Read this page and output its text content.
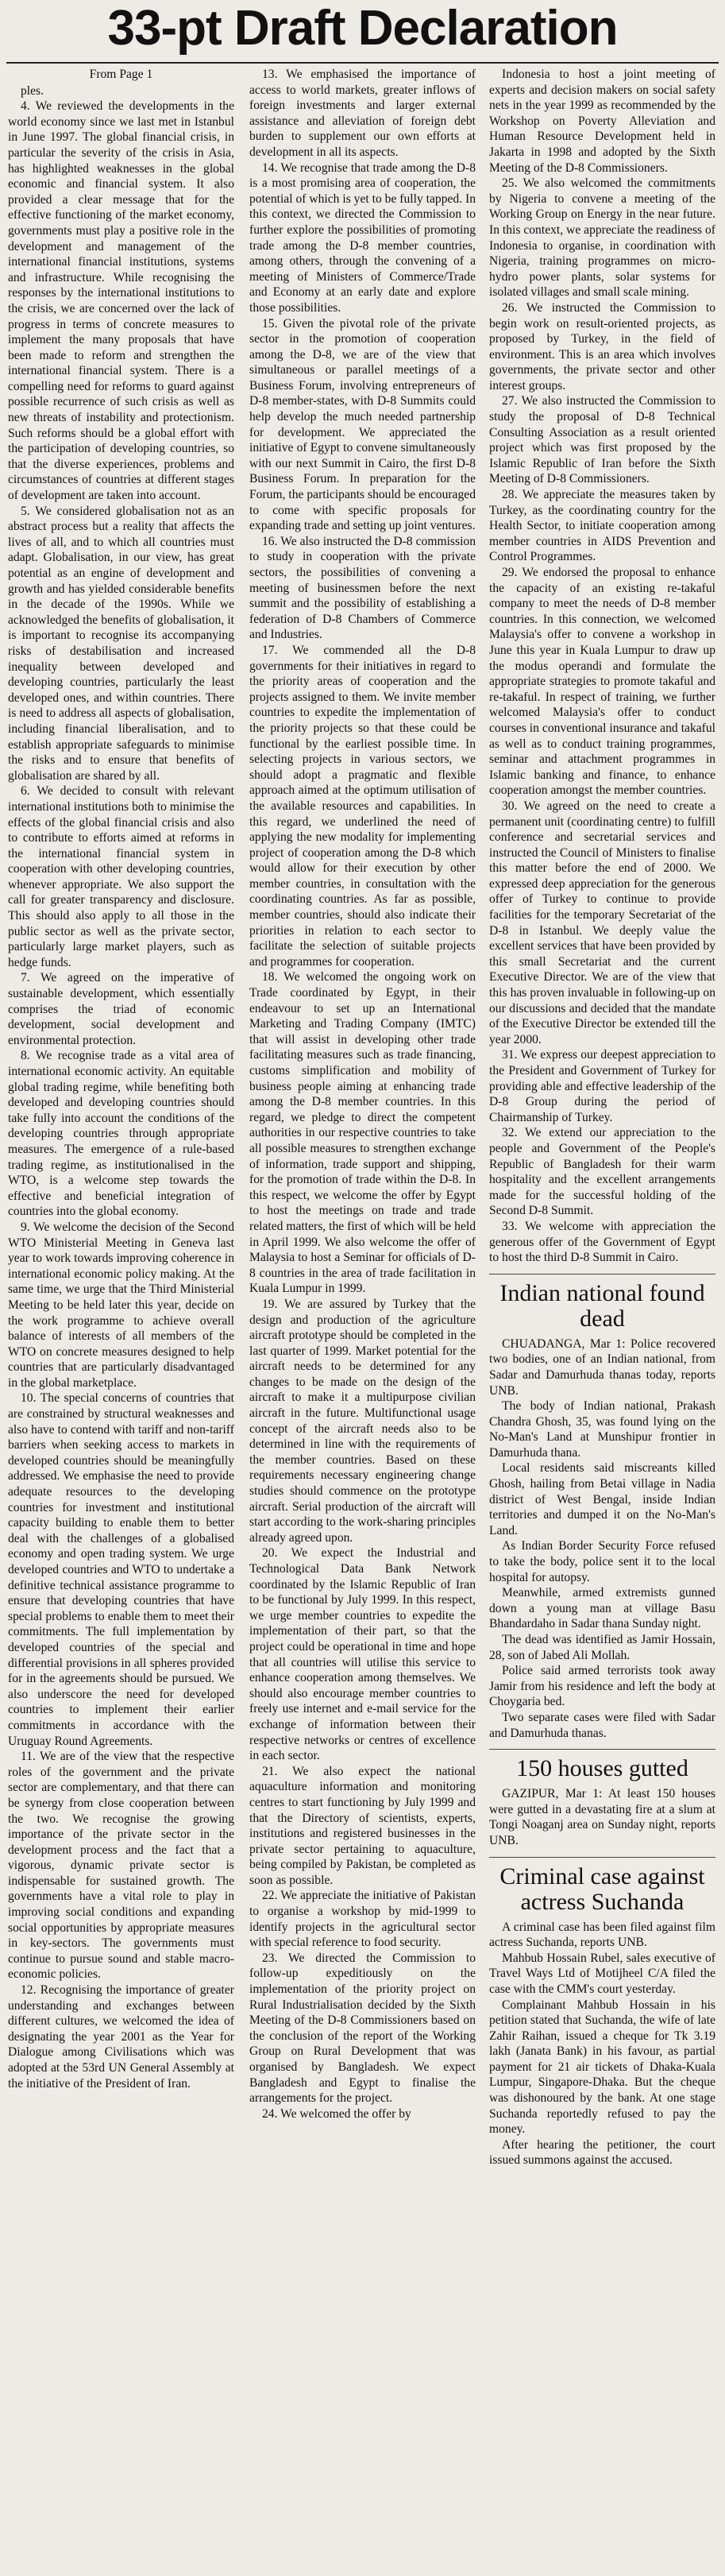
33-pt Draft Declaration

From Page 1

ples.

4. We reviewed the developments in the world economy since we last met in Istanbul in June 1997. The global financial crisis, in particular the severity of the crisis in Asia, has highlighted weaknesses in the global economic and financial system. It also provided a clear message that for the effective functioning of the market economy, governments must play a positive role in the development and management of the international financial institutions, systems and infrastructure. While recognising the responses by the international institutions to the crisis, we are concerned over the lack of progress in terms of concrete measures to implement the many proposals that have been made to reform and strengthen the international financial system. There is a compelling need for reforms to guard against possible recurrence of such crisis as well as new threats of instability and protectionism. Such reforms should be a global effort with the participation of developing countries, so that the diverse experiences, problems and circumstances of countries at different stages of development are taken into account.

5. We considered globalisation not as an abstract process but a reality that affects the lives of all, and to which all countries must adapt. Globalisation, in our view, has great potential as an engine of development and growth and has yielded considerable benefits in the decade of the 1990s. While we acknowledged the benefits of globalisation, it is important to recognise its accompanying risks of destabilisation and increased inequality between developed and developing countries, particularly the least developed ones, and within countries. There is need to address all aspects of globalisation, including financial liberalisation, and to establish appropriate safeguards to minimise the risks and to ensure that benefits of globalisation are shared by all.

6. We decided to consult with relevant international institutions both to minimise the effects of the global financial crisis and also to contribute to efforts aimed at reforms in the international financial system in cooperation with other developing countries, whenever appropriate. We also support the call for greater transparency and disclosure. This should also apply to all those in the public sector as well as the private sector, particularly large market players, such as hedge funds.

7. We agreed on the imperative of sustainable development, which essentially comprises the triad of economic development, social development and environmental protection.

8. We recognise trade as a vital area of international economic activity. An equitable global trading regime, while benefiting both developed and developing countries should take fully into account the conditions of the developing countries through appropriate measures. The emergence of a rule-based trading regime, as institutionalised in the WTO, is a welcome step towards the effective and beneficial integration of countries into the global economy.

9. We welcome the decision of the Second WTO Ministerial Meeting in Geneva last year to work towards improving coherence in international economic policy making. At the same time, we urge that the Third Ministerial Meeting to be held later this year, decide on the work programme to achieve overall balance of interests of all members of the WTO on concrete measures designed to help countries that are particularly disadvantaged in the global marketplace.

10. The special concerns of countries that are constrained by structural weaknesses and also have to contend with tariff and non-tariff barriers when seeking access to markets in developed countries should be meaningfully addressed. We emphasise the need to provide adequate resources to the developing countries for investment and institutional capacity building to enable them to better deal with the challenges of a globalised economy and open trading system. We urge developed countries and WTO to undertake a definitive technical assistance programme to ensure that developing countries that have special problems to enable them to meet their commitments. The full implementation by developed countries of the special and differential provisions in all spheres provided for in the agreements should be pursued. We also underscore the need for developed countries to implement their earlier commitments in accordance with the Uruguay Round Agreements.

11. We are of the view that the respective roles of the government and the private sector are complementary, and that there can be synergy from close cooperation between the two. We recognise the growing importance of the private sector in the development process and the fact that a vigorous, dynamic private sector is indispensable for sustained growth. The governments have a vital role to play in improving social conditions and expanding social opportunities by appropriate measures in key-sectors. The governments must continue to pursue sound and stable macro-economic policies.

12. Recognising the importance of greater understanding and exchanges between different cultures, we welcomed the idea of designating the year 2001 as the Year for Dialogue among Civilisations which was adopted at the 53rd UN General Assembly at the initiative of the President of Iran.

13. We emphasised the importance of access to world markets, greater inflows of foreign investments and larger external assistance and alleviation of foreign debt burden to supplement our own efforts at development in all its aspects.

14. We recognise that trade among the D-8 is a most promising area of cooperation, the potential of which is yet to be fully tapped. In this context, we directed the Commission to further explore the possibilities of promoting trade among the D-8 member countries, among others, through the convening of a meeting of Ministers of Commerce/Trade and Economy at an early date and explore those possibilities.

15. Given the pivotal role of the private sector in the promotion of cooperation among the D-8, we are of the view that simultaneous or parallel meetings of a Business Forum, involving entrepreneurs of D-8 member-states, with D-8 Summits could help develop the much needed partnership for development. We appreciated the initiative of Egypt to convene simultaneously with our next Summit in Cairo, the first D-8 Business Forum. In preparation for the Forum, the participants should be encouraged to come with specific proposals for expanding trade and setting up joint ventures.

16. We also instructed the D-8 commission to study in cooperation with the private sectors, the possibilities of convening a meeting of businessmen before the next summit and the possibility of establishing a federation of D-8 Chambers of Commerce and Industries.

17. We commended all the D-8 governments for their initiatives in regard to the priority areas of cooperation and the projects assigned to them. We invite member countries to expedite the implementation of the priority projects so that these could be functional by the earliest possible time. In selecting projects in various sectors, we should adopt a pragmatic and flexible approach aimed at the optimum utilisation of the available resources and capabilities. In this regard, we underlined the need of applying the new modality for implementing project of cooperation among the D-8 which would allow for their execution by other member countries, in consultation with the coordinating countries. As far as possible, member countries, should also indicate their priorities in relation to each sector to facilitate the selection of suitable projects and programmes for cooperation.

18. We welcomed the ongoing work on Trade coordinated by Egypt, in their endeavour to set up an International Marketing and Trading Company (IMTC) that will assist in developing other trade facilitating measures such as trade financing, customs simplification and mobility of business people aiming at enhancing trade among the D-8 member countries. In this regard, we pledge to direct the competent authorities in our respective countries to take all possible measures to strengthen exchange of information, trade support and shipping, for the promotion of trade within the D-8. In this respect, we welcome the offer by Egypt to host the meetings on trade and trade related matters, the first of which will be held in April 1999. We also welcome the offer of Malaysia to host a Seminar for officials of D-8 countries in the area of trade facilitation in Kuala Lumpur in 1999.

19. We are assured by Turkey that the design and production of the agriculture aircraft prototype should be completed in the last quarter of 1999. Market potential for the aircraft needs to be determined for any changes to be made on the design of the aircraft to make it a multipurpose civilian aircraft in the future. Multifunctional usage concept of the aircraft needs also to be determined in line with the requirements of the member countries. Based on these requirements necessary engineering change studies should commence on the prototype aircraft. Serial production of the aircraft will start according to the work-sharing principles already agreed upon.

20. We expect the Industrial and Technological Data Bank Network coordinated by the Islamic Republic of Iran to be functional by July 1999. In this respect, we urge member countries to expedite the implementation of their part, so that the project could be operational in time and hope that all countries will utilise this service to enhance cooperation among themselves. We should also encourage member countries to freely use internet and e-mail service for the exchange of information between their respective networks or centres of excellence in each sector.

21. We also expect the national aquaculture information and monitoring centres to start functioning by July 1999 and that the Directory of scientists, experts, institutions and registered businesses in the private sector pertaining to aquaculture, being compiled by Pakistan, be completed as soon as possible.

22. We appreciate the initiative of Pakistan to organise a workshop by mid-1999 to identify projects in the agricultural sector with special reference to food security.

23. We directed the Commission to follow-up expeditiously on the implementation of the priority project on Rural Industrialisation decided by the Sixth Meeting of the D-8 Commissioners based on the conclusion of the report of the Working Group on Rural Development that was organised by Bangladesh. We expect Bangladesh and Egypt to finalise the arrangements for the project.

24. We welcomed the offer by

Indonesia to host a joint meeting of experts and decision makers on social safety nets in the year 1999 as recommended by the Workshop on Poverty Alleviation and Human Resource Development held in Jakarta in 1998 and adopted by the Sixth Meeting of the D-8 Commissioners.

25. We also welcomed the commitments by Nigeria to convene a meeting of the Working Group on Energy in the near future. In this context, we appreciate the readiness of Indonesia to organise, in coordination with Nigeria, training programmes on micro-hydro power plants, solar systems for isolated villages and small scale mining.

26. We instructed the Commission to begin work on result-oriented projects, as proposed by Turkey, in the field of environment. This is an area which involves governments, the private sector and other interest groups.

27. We also instructed the Commission to study the proposal of D-8 Technical Consulting Association as a result oriented project which was first proposed by the Islamic Republic of Iran before the Sixth Meeting of D-8 Commissioners.

28. We appreciate the measures taken by Turkey, as the coordinating country for the Health Sector, to initiate cooperation among member countries in AIDS Prevention and Control Programmes.

29. We endorsed the proposal to enhance the capacity of an existing re-takaful company to meet the needs of D-8 member countries. In this connection, we welcomed Malaysia's offer to convene a workshop in June this year in Kuala Lumpur to draw up the modus operandi and formulate the appropriate strategies to promote takaful and re-takaful. In respect of training, we further welcomed Malaysia's offer to conduct courses in conventional insurance and takaful as well as to conduct training programmes, seminar and attachment programmes in Islamic banking and finance, to enhance cooperation amongst the member countries.

30. We agreed on the need to create a permanent unit (coordinating centre) to fulfill conference and secretarial services and instructed the Council of Ministers to finalise this matter before the end of 2000. We expressed deep appreciation for the generous offer of Turkey to continue to provide facilities for the temporary Secretariat of the D-8 in Istanbul. We deeply value the excellent services that have been provided by this small Secretariat and the current Executive Director. We are of the view that this has proven invaluable in following-up on our discussions and decided that the mandate of the Executive Director be extended till the year 2000.

31. We express our deepest appreciation to the President and Government of Turkey for providing able and effective leadership of the D-8 Group during the period of Chairmanship of Turkey.

32. We extend our appreciation to the people and Government of the People's Republic of Bangladesh for their warm hospitality and the excellent arrangements made for the successful holding of the Second D-8 Summit.

33. We welcome with appreciation the generous offer of the Government of Egypt to host the third D-8 Summit in Cairo.

Indian national found dead

CHUADANGA, Mar 1: Police recovered two bodies, one of an Indian national, from Sadar and Damurhuda thanas today, reports UNB.

The body of Indian national, Prakash Chandra Ghosh, 35, was found lying on the No-Man's Land at Munshipur frontier in Damurhuda thana.

Local residents said miscreants killed Ghosh, hailing from Betai village in Nadia district of West Bengal, inside Indian territories and dumped it on the No-Man's Land.

As Indian Border Security Force refused to take the body, police sent it to the local hospital for autopsy.

Meanwhile, armed extremists gunned down a young man at village Basu Bhandardaho in Sadar thana Sunday night.

The dead was identified as Jamir Hossain, 28, son of Jabed Ali Mollah.

Police said armed terrorists took away Jamir from his residence and left the body at Choygaria bed.

Two separate cases were filed with Sadar and Damurhuda thanas.

150 houses gutted

GAZIPUR, Mar 1: At least 150 houses were gutted in a devastating fire at a slum at Tongi Noaganj area on Sunday night, reports UNB.

Criminal case against actress Suchanda

A criminal case has been filed against film actress Suchanda, reports UNB.

Mahbub Hossain Rubel, sales executive of Travel Ways Ltd of Motijheel C/A filed the case with the CMM's court yesterday.

Complainant Mahbub Hossain in his petition stated that Suchanda, the wife of late Zahir Raihan, issued a cheque for Tk 3.19 lakh (Janata Bank) in his favour, as partial payment for 21 air tickets of Dhaka-Kuala Lumpur, Singapore-Dhaka. But the cheque was dishonoured by the bank. At one stage Suchanda reportedly refused to pay the money.

After hearing the petitioner, the court issued summons against the accused.
